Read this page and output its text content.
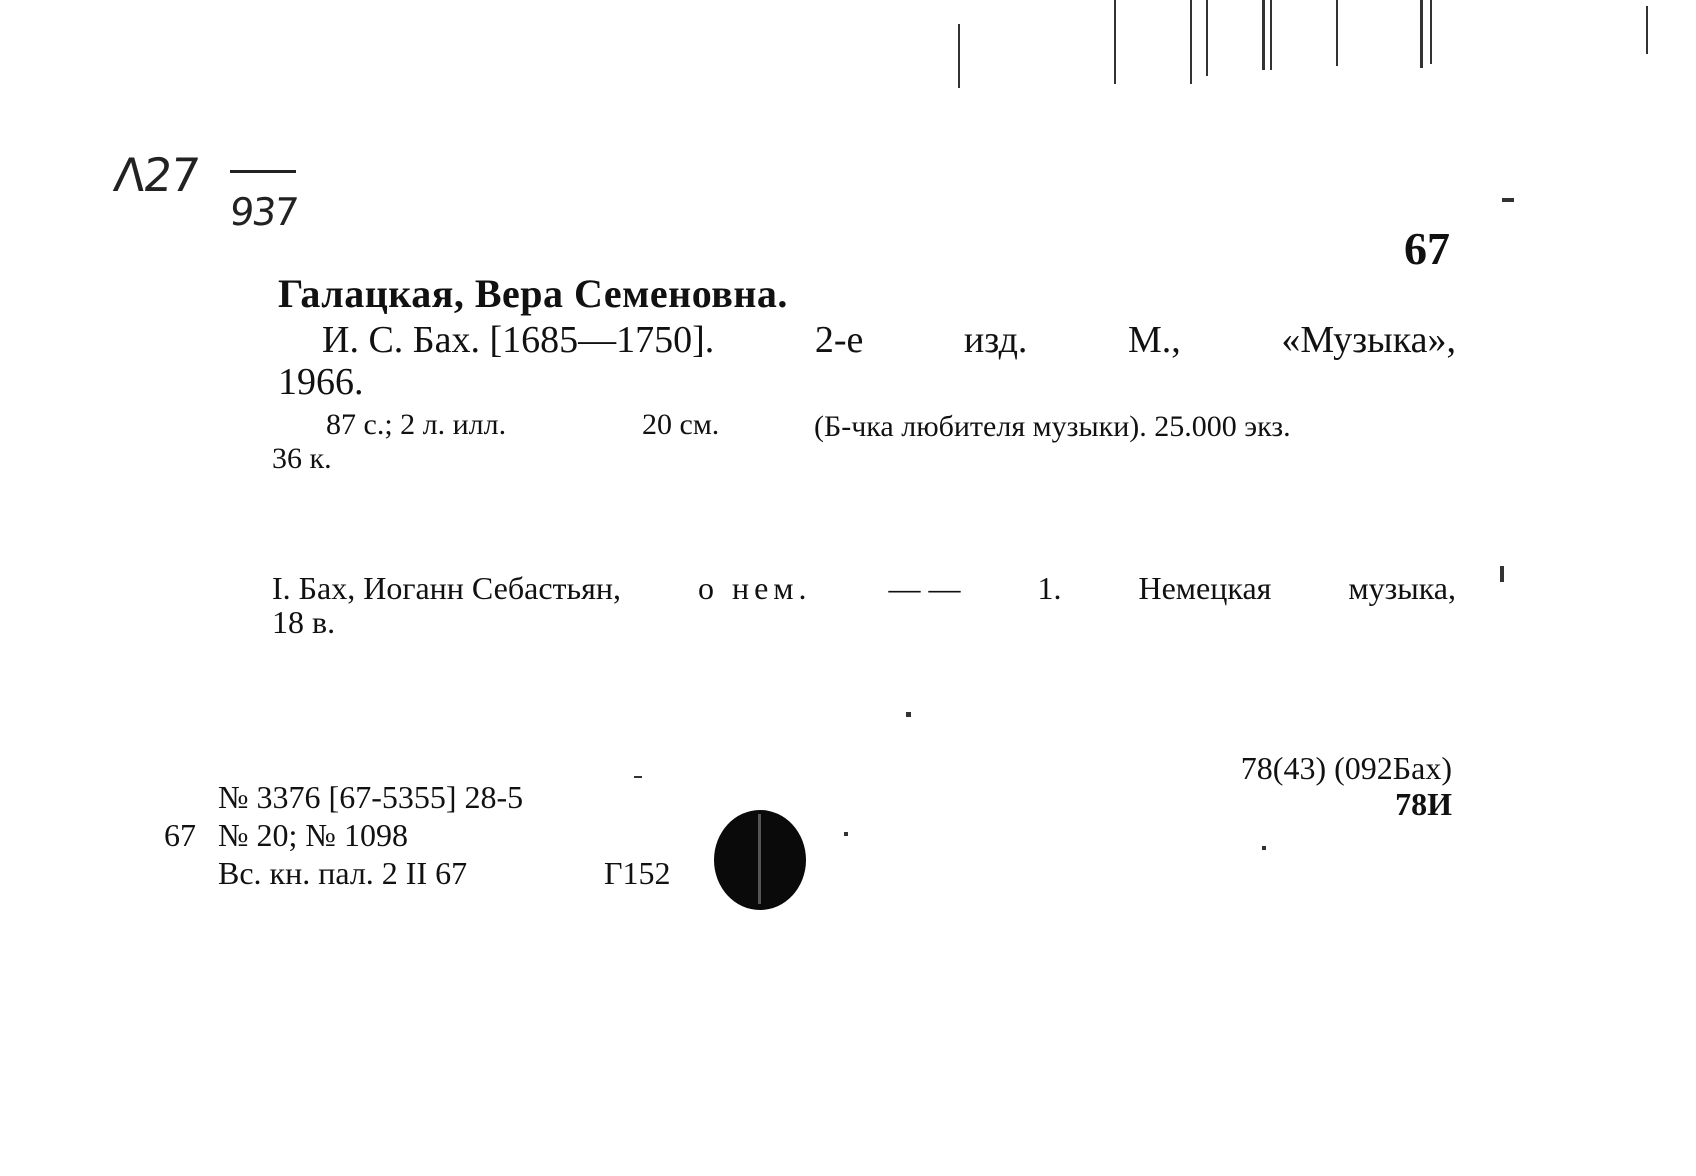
Λ27
937
67
Галацкая, Вера Семеновна.
И. С. Бах. [1685—1750].	2-е	изд.	М.,	«Музыка»,
1966.
87 с.; 2 л. илл.	20 см.	(Б-чка любителя музыки). 25.000 экз.
36 к.
I. Бах, Иоганн Себастьян, о нем. — — 1. Немецкая музыка,
18 в.
78(43) (092Бах)
78И
№ 3376 [67-5355] 28-5
67 № 20; № 1098
Вс. кн. пал. 2 II 67	Г152
